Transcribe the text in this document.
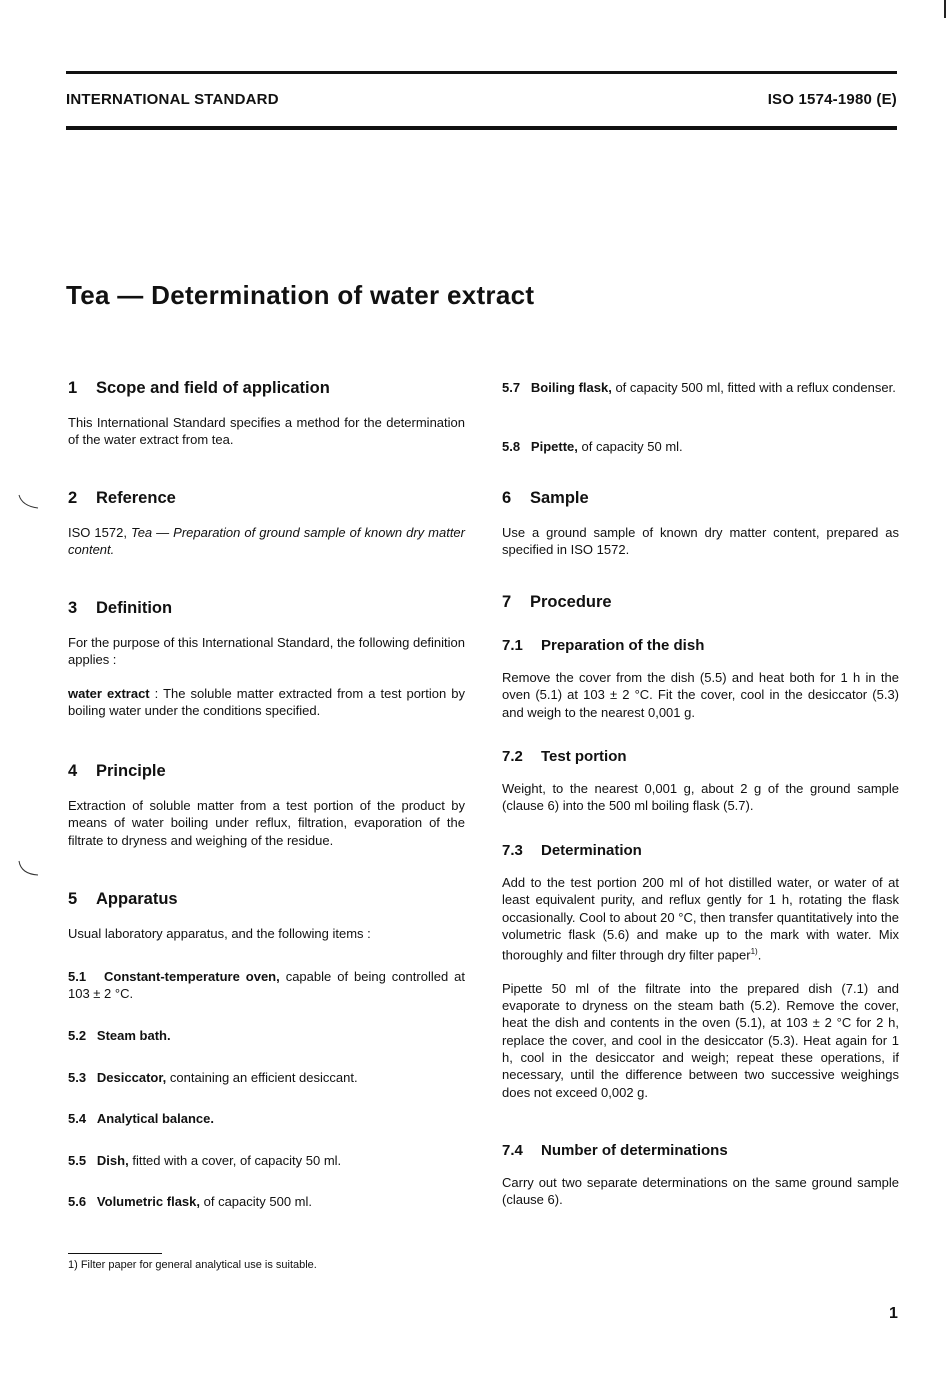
INTERNATIONAL STANDARD	ISO 1574-1980 (E)
Tea — Determination of water extract
1 Scope and field of application

This International Standard specifies a method for the determination of the water extract from tea.

2 Reference

ISO 1572, Tea — Preparation of ground sample of known dry matter content.

3 Definition

For the purpose of this International Standard, the following definition applies :

water extract : The soluble matter extracted from a test portion by boiling water under the conditions specified.

4 Principle

Extraction of soluble matter from a test portion of the product by means of water boiling under reflux, filtration, evaporation of the filtrate to dryness and weighing of the residue.

5 Apparatus

Usual laboratory apparatus, and the following items :

5.1 Constant-temperature oven, capable of being controlled at 103 ± 2 °C.

5.2 Steam bath.

5.3 Desiccator, containing an efficient desiccant.

5.4 Analytical balance.

5.5 Dish, fitted with a cover, of capacity 50 ml.

5.6 Volumetric flask, of capacity 500 ml.

5.7 Boiling flask, of capacity 500 ml, fitted with a reflux condenser.

5.8 Pipette, of capacity 50 ml.

6 Sample

Use a ground sample of known dry matter content, prepared as specified in ISO 1572.

7 Procedure
7.1 Preparation of the dish

Remove the cover from the dish (5.5) and heat both for 1 h in the oven (5.1) at 103 ± 2 °C. Fit the cover, cool in the desiccator (5.3) and weigh to the nearest 0,001 g.

7.2 Test portion

Weight, to the nearest 0,001 g, about 2 g of the ground sample (clause 6) into the 500 ml boiling flask (5.7).

7.3 Determination

Add to the test portion 200 ml of hot distilled water, or water of at least equivalent purity, and reflux gently for 1 h, rotating the flask occasionally. Cool to about 20 °C, then transfer quantitatively into the volumetric flask (5.6) and make up to the mark with water. Mix thoroughly and filter through dry filter paper$^{1)}$.

Pipette 50 ml of the filtrate into the prepared dish (7.1) and evaporate to dryness on the steam bath (5.2). Remove the cover, heat the dish and contents in the oven (5.1), at 103 ± 2 °C for 2 h, replace the cover, and cool in the desiccator (5.3). Heat again for 1 h, cool in the desiccator and weigh; repeat these operations, if necessary, until the difference between two successive weighings does not exceed 0,002 g.

7.4 Number of determinations

Carry out two separate determinations on the same ground sample (clause 6).

1) Filter paper for general analytical use is suitable.
1
